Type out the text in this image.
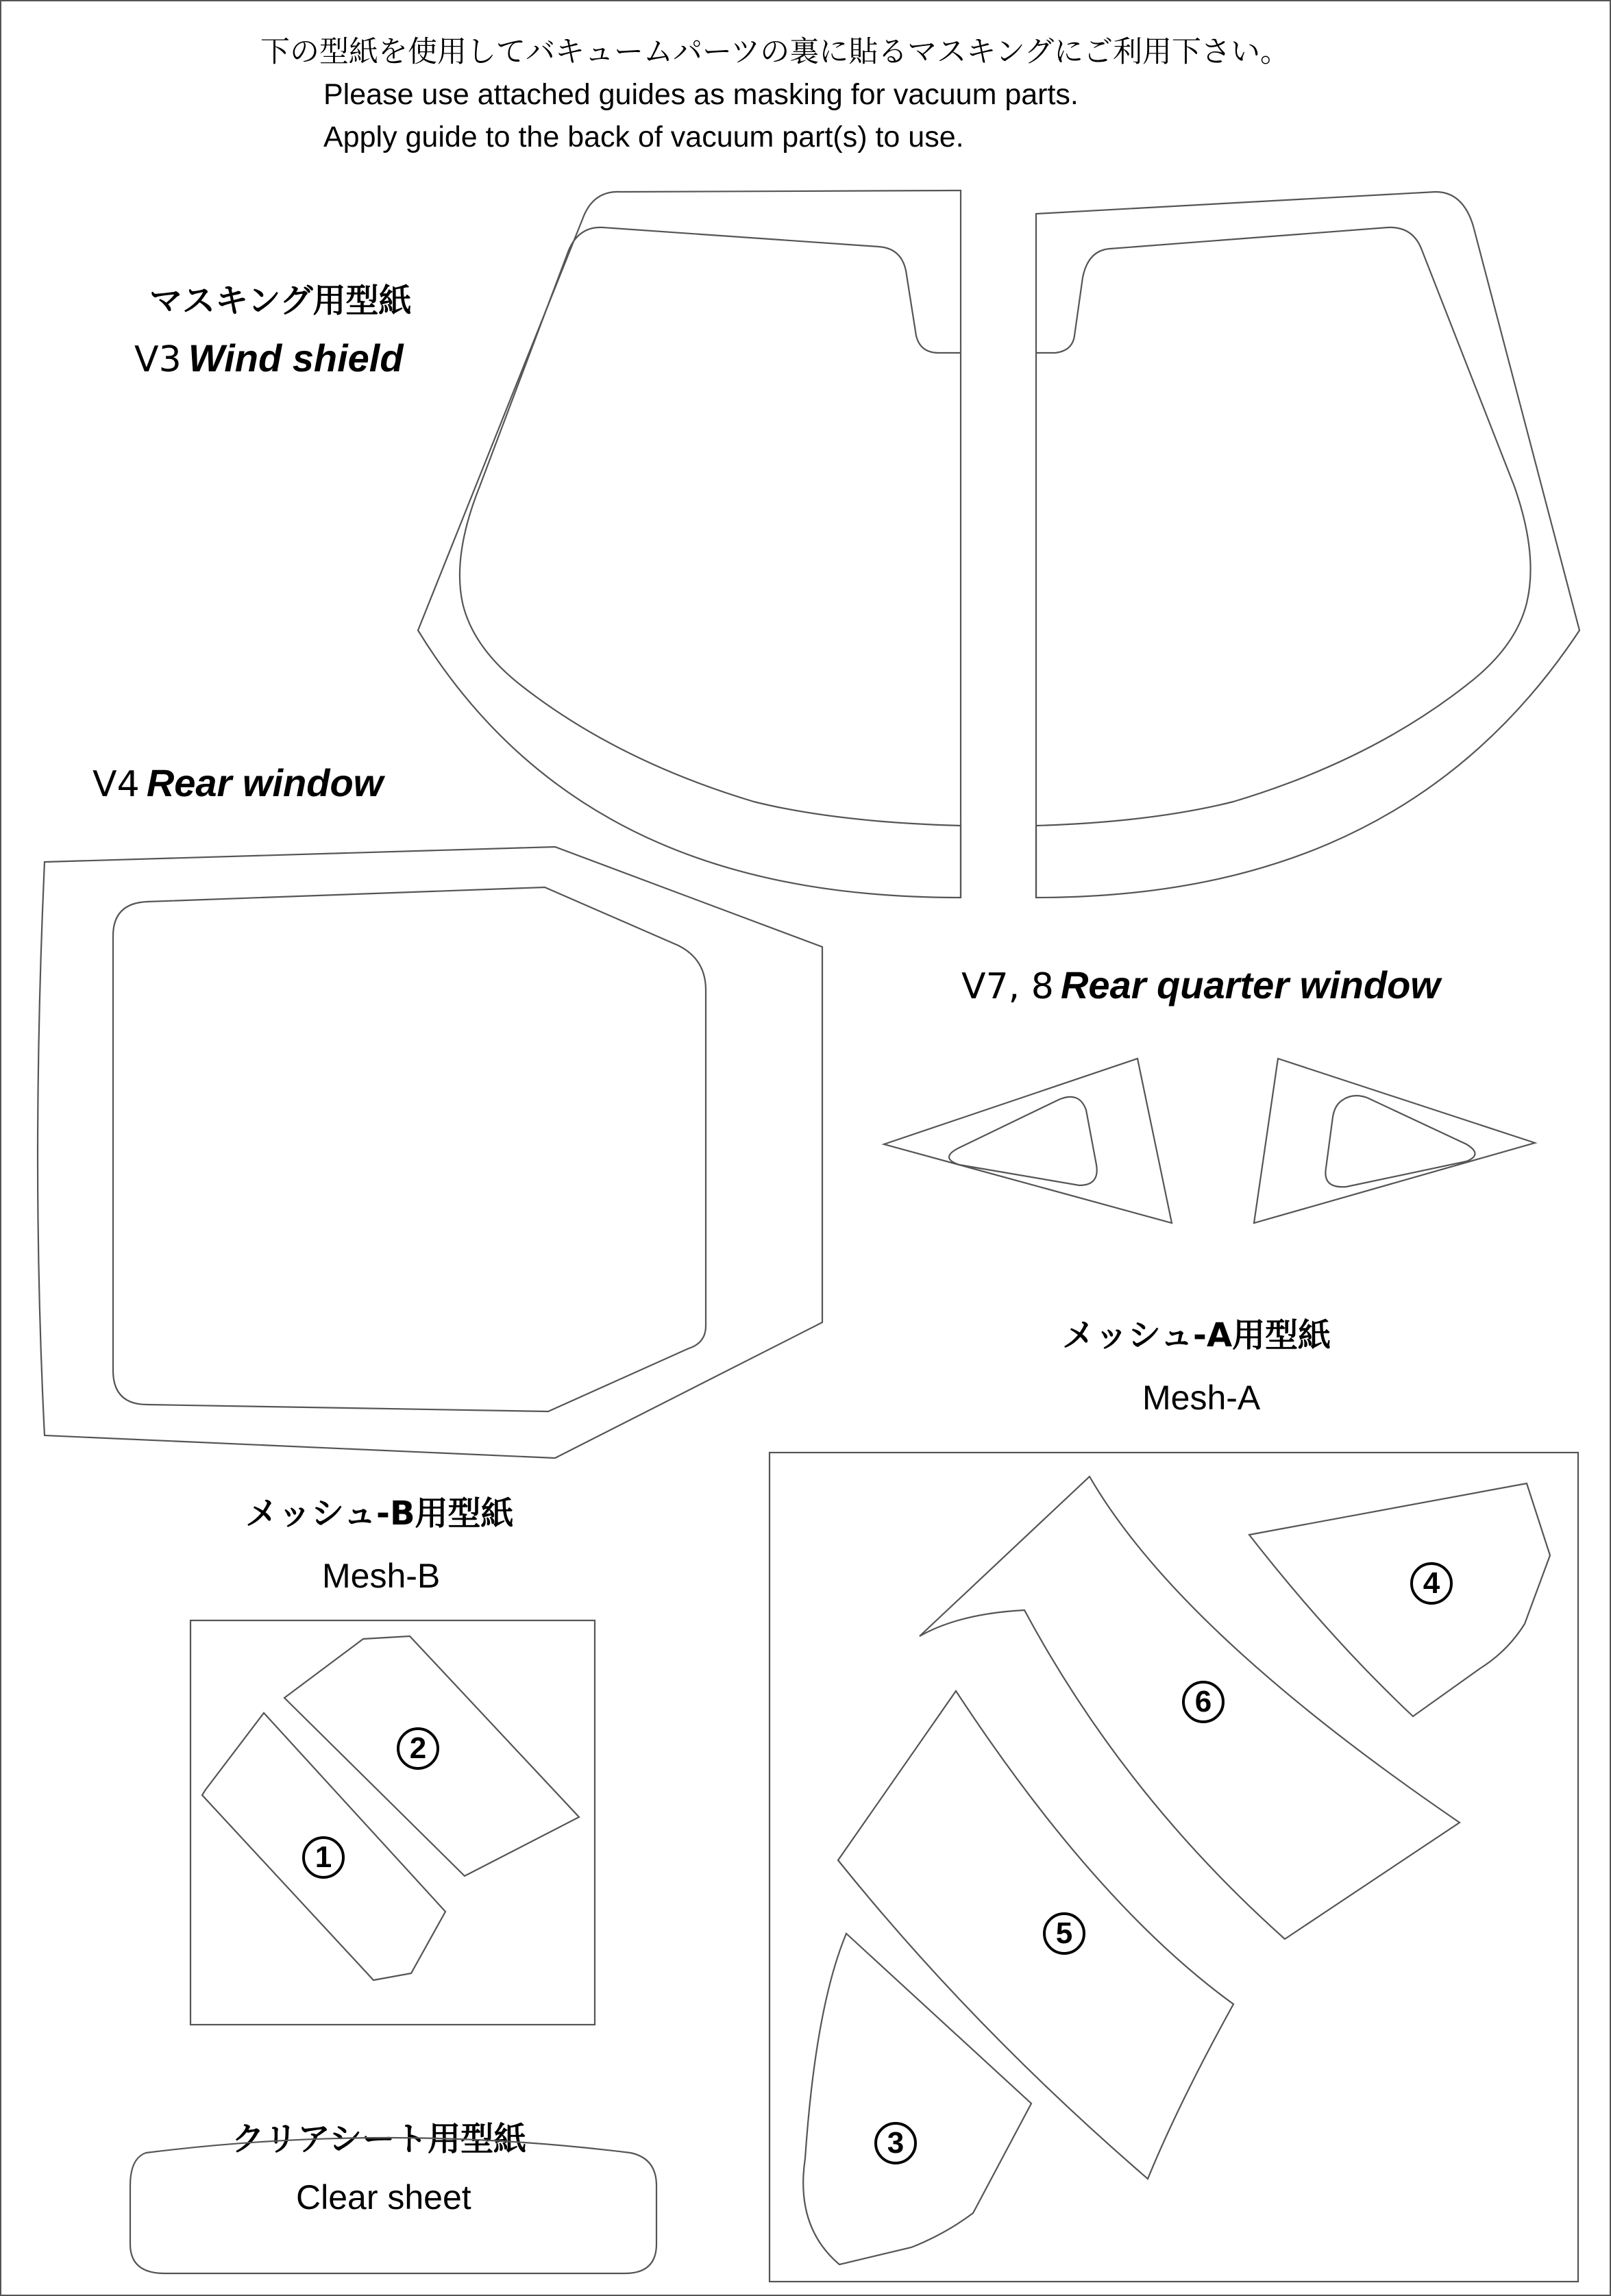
下の型紙を使用してバキュームパーツの裏に貼るマスキングにご利用下さい。
Please use attached guides as masking for vacuum parts.
Apply guide to the back of vacuum part(s) to use.
マスキング用型紙
V3 Wind shield
V4 Rear window
V7, 8 Rear quarter window
メッシュ-A用型紙
Mesh-A
メッシュ-B用型紙
Mesh-B
クリアシート用型紙
Clear sheet
4
6
5
3
2
1
